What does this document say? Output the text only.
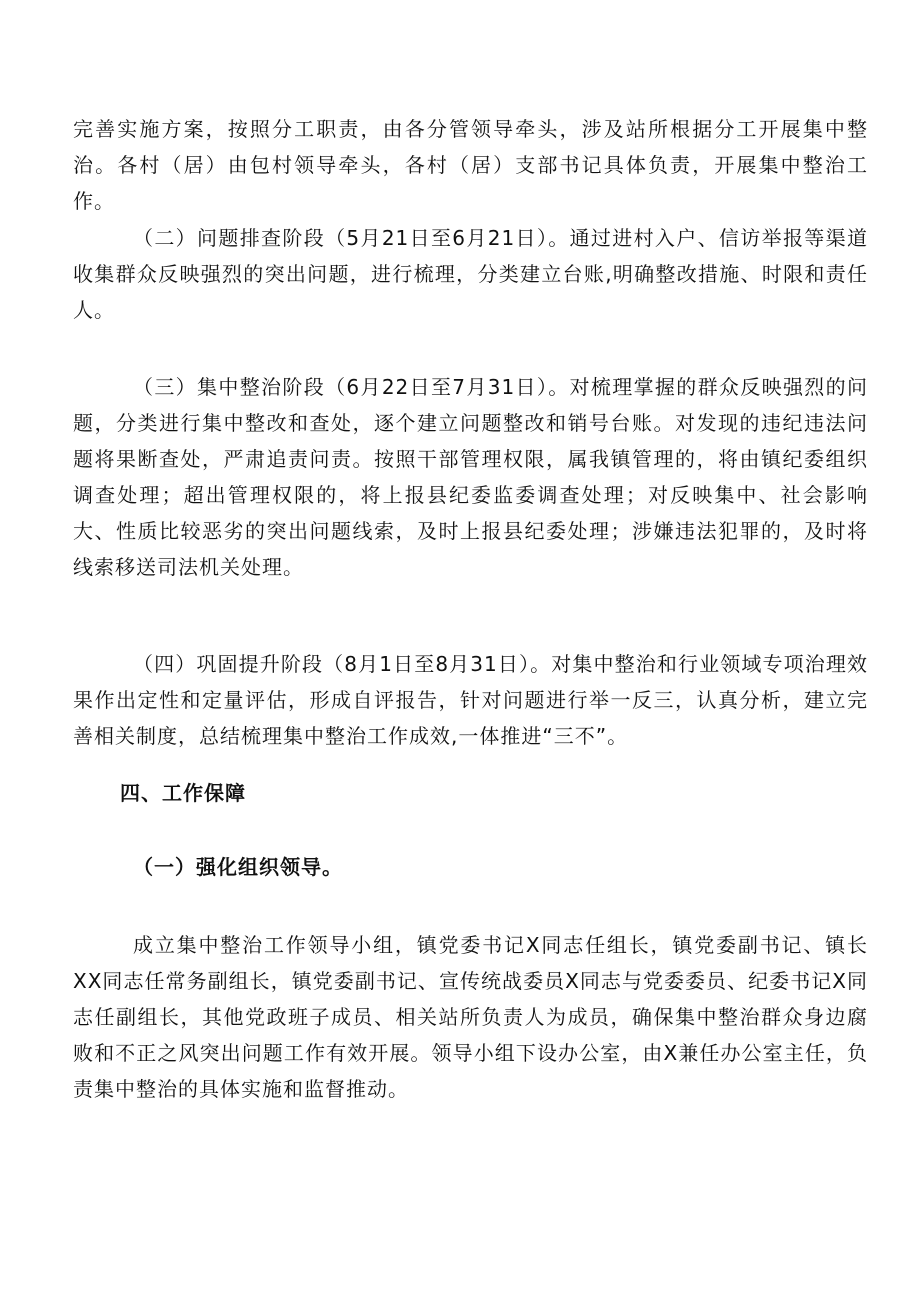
完善实施方案，按照分工职责，由各分管领导牵头，涉及站所根据分工开展集中整治。各村（居）由包村领导牵头，各村（居）支部书记具体负责，开展集中整治工作。

（二）问题排查阶段（5月21日至6月21日）。通过进村入户、信访举报等渠道收集群众反映强烈的突出问题，进行梳理，分类建立台账,明确整改措施、时限和责任人。

（三）集中整治阶段（6月22日至7月31日）。对梳理掌握的群众反映强烈的问题，分类进行集中整改和查处，逐个建立问题整改和销号台账。对发现的违纪违法问题将果断查处，严肃追责问责。按照干部管理权限，属我镇管理的，将由镇纪委组织调查处理；超出管理权限的，将上报县纪委监委调查处理；对反映集中、社会影响大、性质比较恶劣的突出问题线索，及时上报县纪委处理；涉嫌违法犯罪的，及时将线索移送司法机关处理。

（四）巩固提升阶段（8月1日至8月31日）。对集中整治和行业领域专项治理效果作出定性和定量评估，形成自评报告，针对问题进行举一反三，认真分析，建立完善相关制度，总结梳理集中整治工作成效,一体推进“三不”。

四、工作保障
（一）强化组织领导。

成立集中整治工作领导小组，镇党委书记X同志任组长，镇党委副书记、镇长XX同志任常务副组长，镇党委副书记、宣传统战委员X同志与党委委员、纪委书记X同志任副组长，其他党政班子成员、相关站所负责人为成员，确保集中整治群众身边腐败和不正之风突出问题工作有效开展。领导小组下设办公室，由X兼任办公室主任，负责集中整治的具体实施和监督推动。
